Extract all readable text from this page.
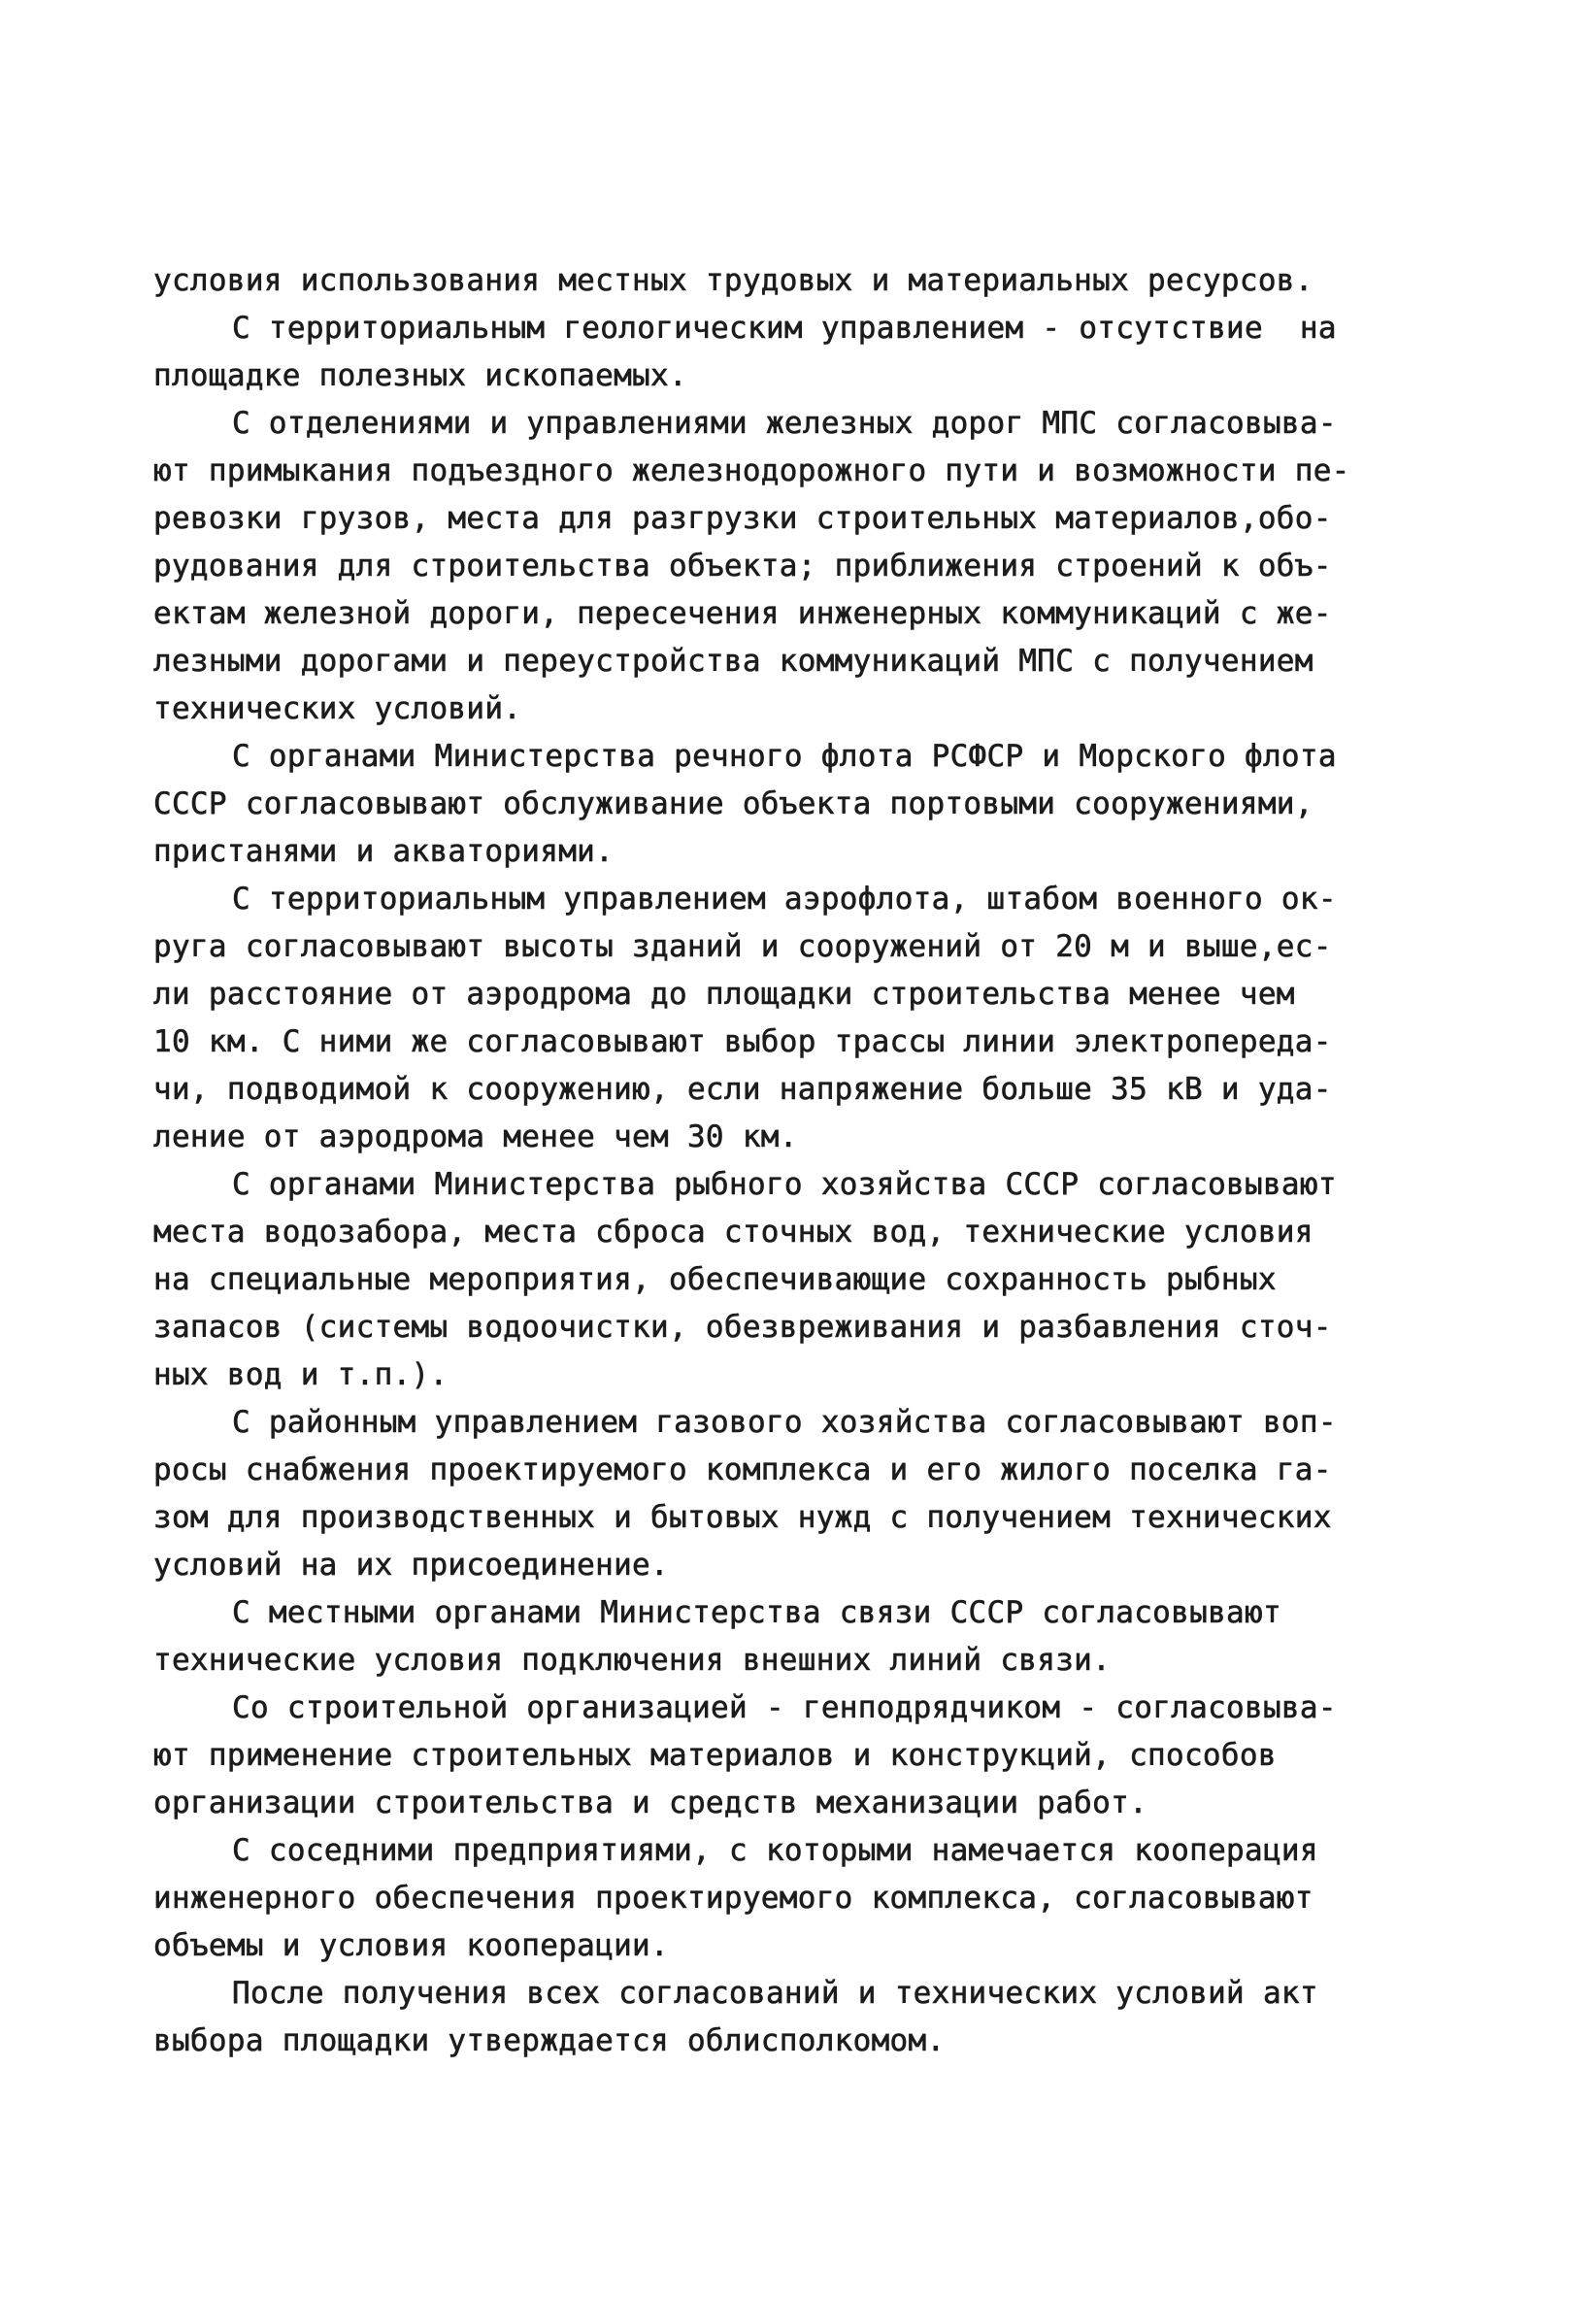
условия использования местных трудовых и материальных ресурсов.
С территориальным геологическим управлением - отсутствие  на
площадке полезных ископаемых.
С отделениями и управлениями железных дорог МПС согласовыва-
ют примыкания подъездного железнодорожного пути и возможности пе-
ревозки грузов, места для разгрузки строительных материалов,обо-
рудования для строительства объекта; приближения строений к объ-
ектам железной дороги, пересечения инженерных коммуникаций с же-
лезными дорогами и переустройства коммуникаций МПС с получением
технических условий.
С органами Министерства речного флота РСФСР и Морского флота
СССР согласовывают обслуживание объекта портовыми сооружениями,
пристанями и акваториями.
С территориальным управлением аэрофлота, штабом военного ок-
руга согласовывают высоты зданий и сооружений от 20 м и выше,ес-
ли расстояние от аэродрома до площадки строительства менее чем
10 км. С ними же согласовывают выбор трассы линии электропереда-
чи, подводимой к сооружению, если напряжение больше 35 кВ и уда-
ление от аэродрома менее чем 30 км.
С органами Министерства рыбного хозяйства СССР согласовывают
места водозабора, места сброса сточных вод, технические условия
на специальные мероприятия, обеспечивающие сохранность рыбных
запасов (системы водоочистки, обезвреживания и разбавления сточ-
ных вод и т.п.).
С районным управлением газового хозяйства согласовывают воп-
росы снабжения проектируемого комплекса и его жилого поселка га-
зом для производственных и бытовых нужд с получением технических
условий на их присоединение.
С местными органами Министерства связи СССР согласовывают
технические условия подключения внешних линий связи.
Со строительной организацией - генподрядчиком - согласовыва-
ют применение строительных материалов и конструкций, способов
организации строительства и средств механизации работ.
С соседними предприятиями, с которыми намечается кооперация
инженерного обеспечения проектируемого комплекса, согласовывают
объемы и условия кооперации.
После получения всех согласований и технических условий акт
выбора площадки утверждается облисполкомом.
